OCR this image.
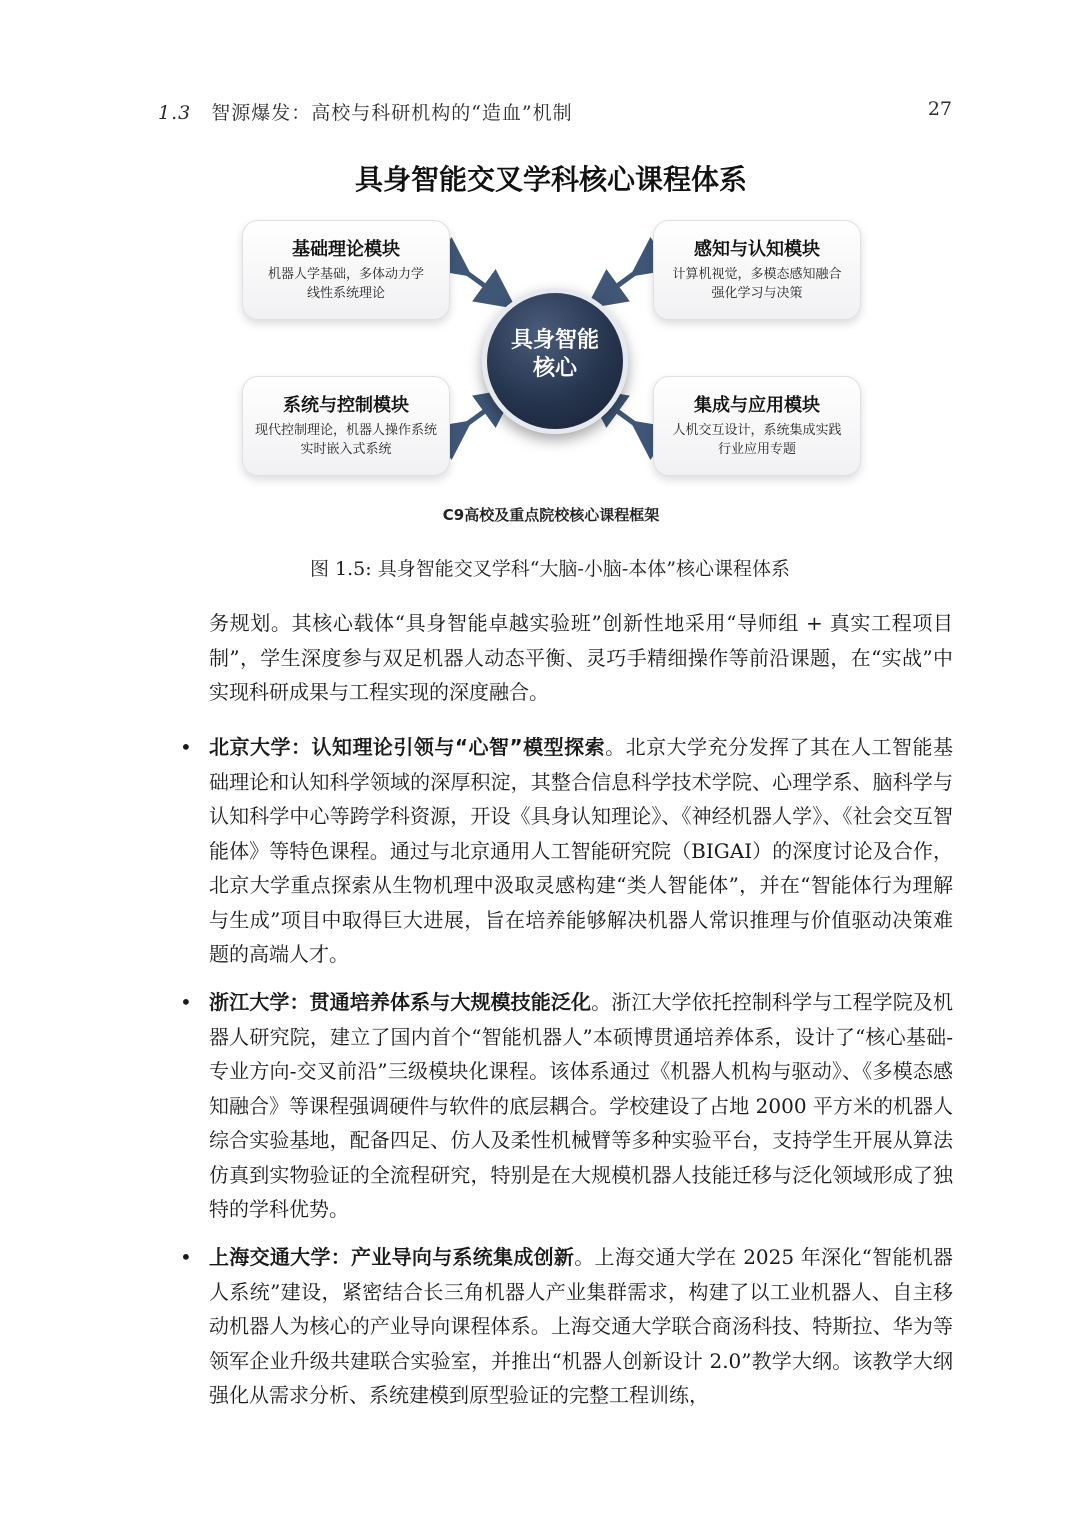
1.3 智源爆发：高校与科研机构的“造血”机制	27
具身智能交叉学科核心课程体系
基础理论模块
机器人学基础，多体动力学
线性系统理论
感知与认知模块
计算机视觉，多模态感知融合
强化学习与决策
系统与控制模块
现代控制理论，机器人操作系统
实时嵌入式系统
集成与应用模块
人机交互设计，系统集成实践
行业应用专题
具身智能
核心
C9高校及重点院校核心课程框架
图 1.5: 具身智能交叉学科“大脑-小脑-本体”核心课程体系
务规划。其核心载体“具身智能卓越实验班”创新性地采用“导师组 + 真实工程项目制”，学生深度参与双足机器人动态平衡、灵巧手精细操作等前沿课题，在“实战”中实现科研成果与工程实现的深度融合。
• 北京大学：认知理论引领与“心智”模型探索。北京大学充分发挥了其在人工智能基础理论和认知科学领域的深厚积淀，其整合信息科学技术学院、心理学系、脑科学与认知科学中心等跨学科资源，开设《具身认知理论》、《神经机器人学》、《社会交互智能体》等特色课程。通过与北京通用人工智能研究院（BIGAI）的深度讨论及合作，北京大学重点探索从生物机理中汲取灵感构建“类人智能体”，并在“智能体行为理解与生成”项目中取得巨大进展，旨在培养能够解决机器人常识推理与价值驱动决策难题的高端人才。
• 浙江大学：贯通培养体系与大规模技能泛化。浙江大学依托控制科学与工程学院及机器人研究院，建立了国内首个“智能机器人”本硕博贯通培养体系，设计了“核心基础-专业方向-交叉前沿”三级模块化课程。该体系通过《机器人机构与驱动》、《多模态感知融合》等课程强调硬件与软件的底层耦合。学校建设了占地 2000 平方米的机器人综合实验基地，配备四足、仿人及柔性机械臂等多种实验平台，支持学生开展从算法仿真到实物验证的全流程研究，特别是在大规模机器人技能迁移与泛化领域形成了独特的学科优势。
• 上海交通大学：产业导向与系统集成创新。上海交通大学在 2025 年深化“智能机器人系统”建设，紧密结合长三角机器人产业集群需求，构建了以工业机器人、自主移动机器人为核心的产业导向课程体系。上海交通大学联合商汤科技、特斯拉、华为等领军企业升级共建联合实验室，并推出“机器人创新设计 2.0”教学大纲。该教学大纲强化从需求分析、系统建模到原型验证的完整工程训练，
